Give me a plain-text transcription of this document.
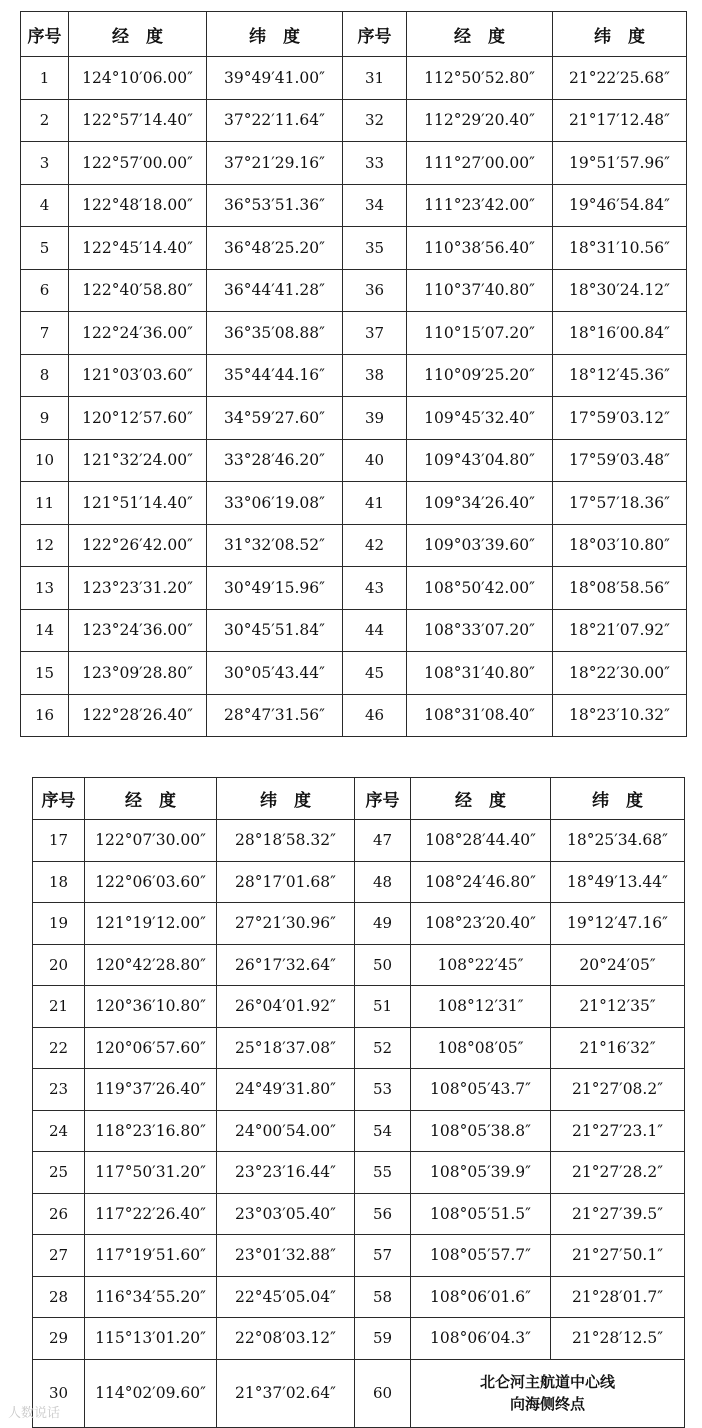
序号	经　度	纬　度	序号	经　度	纬　度
1	124°10′06.00″	39°49′41.00″	31	112°50′52.80″	21°22′25.68″
2	122°57′14.40″	37°22′11.64″	32	112°29′20.40″	21°17′12.48″
3	122°57′00.00″	37°21′29.16″	33	111°27′00.00″	19°51′57.96″
4	122°48′18.00″	36°53′51.36″	34	111°23′42.00″	19°46′54.84″
5	122°45′14.40″	36°48′25.20″	35	110°38′56.40″	18°31′10.56″
6	122°40′58.80″	36°44′41.28″	36	110°37′40.80″	18°30′24.12″
7	122°24′36.00″	36°35′08.88″	37	110°15′07.20″	18°16′00.84″
8	121°03′03.60″	35°44′44.16″	38	110°09′25.20″	18°12′45.36″
9	120°12′57.60″	34°59′27.60″	39	109°45′32.40″	17°59′03.12″
10	121°32′24.00″	33°28′46.20″	40	109°43′04.80″	17°59′03.48″
11	121°51′14.40″	33°06′19.08″	41	109°34′26.40″	17°57′18.36″
12	122°26′42.00″	31°32′08.52″	42	109°03′39.60″	18°03′10.80″
13	123°23′31.20″	30°49′15.96″	43	108°50′42.00″	18°08′58.56″
14	123°24′36.00″	30°45′51.84″	44	108°33′07.20″	18°21′07.92″
15	123°09′28.80″	30°05′43.44″	45	108°31′40.80″	18°22′30.00″
16	122°28′26.40″	28°47′31.56″	46	108°31′08.40″	18°23′10.32″
序号	经　度	纬　度	序号	经　度	纬　度
17	122°07′30.00″	28°18′58.32″	47	108°28′44.40″	18°25′34.68″
18	122°06′03.60″	28°17′01.68″	48	108°24′46.80″	18°49′13.44″
19	121°19′12.00″	27°21′30.96″	49	108°23′20.40″	19°12′47.16″
20	120°42′28.80″	26°17′32.64″	50	108°22′45″	20°24′05″
21	120°36′10.80″	26°04′01.92″	51	108°12′31″	21°12′35″
22	120°06′57.60″	25°18′37.08″	52	108°08′05″	21°16′32″
23	119°37′26.40″	24°49′31.80″	53	108°05′43.7″	21°27′08.2″
24	118°23′16.80″	24°00′54.00″	54	108°05′38.8″	21°27′23.1″
25	117°50′31.20″	23°23′16.44″	55	108°05′39.9″	21°27′28.2″
26	117°22′26.40″	23°03′05.40″	56	108°05′51.5″	21°27′39.5″
27	117°19′51.60″	23°01′32.88″	57	108°05′57.7″	21°27′50.1″
28	116°34′55.20″	22°45′05.04″	58	108°06′01.6″	21°28′01.7″
29	115°13′01.20″	22°08′03.12″	59	108°06′04.3″	21°28′12.5″
30	114°02′09.60″	21°37′02.64″	60	北仑河主航道中心线
向海侧终点	
人数说话
